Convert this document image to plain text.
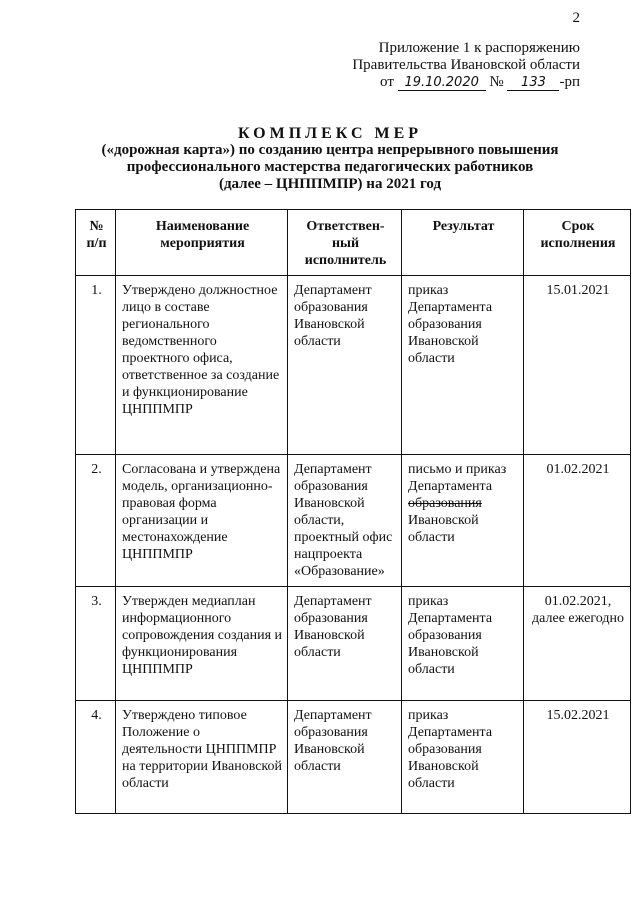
2
Приложение 1 к распоряжению
Правительства Ивановской области
от 19.10.2020 № 133 -рп
КОМПЛЕКС МЕР
(«дорожная карта») по созданию центра непрерывного повышения
профессионального мастерства педагогических работников
(далее – ЦНППМПР) на 2021 год
№ п/п	Наименование мероприятия	Ответствен-ный исполнитель	Результат	Срок исполнения
1.	Утверждено должностное лицо в составе регионального ведомственного проектного офиса, ответственное за создание и функционирование ЦНППМПР	Департамент образования Ивановской области	приказ Департамента образования Ивановской области	15.01.2021
2.	Согласована и утверждена модель, организационно-правовая форма организации и местонахождение ЦНППМПР	Департамент образования Ивановской области, проектный офис нацпроекта «Образование»	письмо и приказ Департамента образования Ивановской области	01.02.2021
3.	Утвержден медиаплан информационного сопровождения создания и функционирования ЦНППМПР	Департамент образования Ивановской области	приказ Департамента образования Ивановской области	01.02.2021, далее ежегодно
4.	Утверждено типовое Положение о деятельности ЦНППМПР на территории Ивановской области	Департамент образования Ивановской области	приказ Департамента образования Ивановской области	15.02.2021
